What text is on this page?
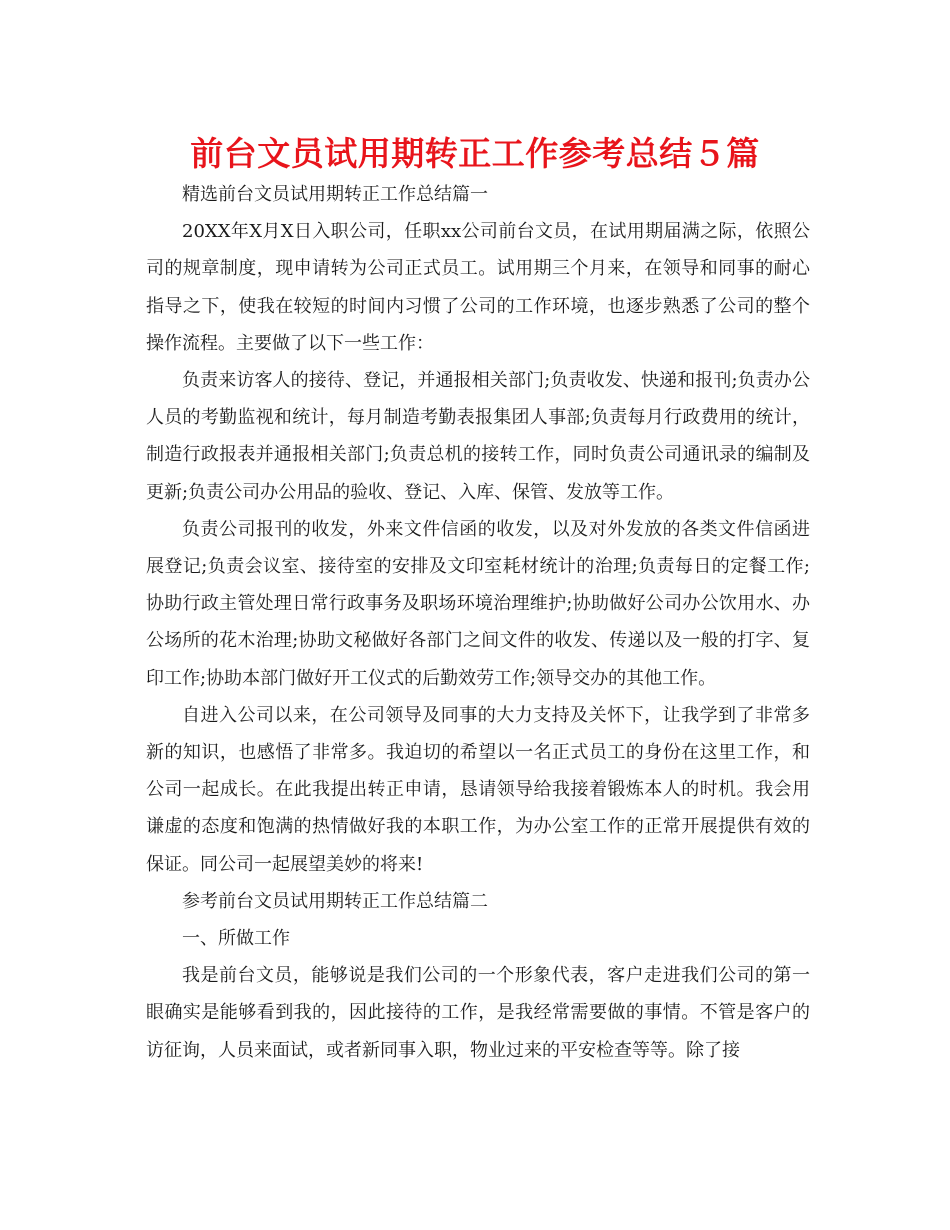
前台文员试用期转正工作参考总结５篇

精选前台文员试用期转正工作总结篇一

20XX年X月X日入职公司，任职xx公司前台文员，在试用期届满之际，依照公司的规章制度，现申请转为公司正式员工。试用期三个月来，在领导和同事的耐心指导之下，使我在较短的时间内习惯了公司的工作环境，也逐步熟悉了公司的整个操作流程。主要做了以下一些工作：

负责来访客人的接待、登记，并通报相关部门;负责收发、快递和报刊;负责办公人员的考勤监视和统计，每月制造考勤表报集团人事部;负责每月行政费用的统计，制造行政报表并通报相关部门;负责总机的接转工作，同时负责公司通讯录的编制及更新;负责公司办公用品的验收、登记、入库、保管、发放等工作。

负责公司报刊的收发，外来文件信函的收发，以及对外发放的各类文件信函进展登记;负责会议室、接待室的安排及文印室耗材统计的治理;负责每日的定餐工作;协助行政主管处理日常行政事务及职场环境治理维护;协助做好公司办公饮用水、办公场所的花木治理;协助文秘做好各部门之间文件的收发、传递以及一般的打字、复印工作;协助本部门做好开工仪式的后勤效劳工作;领导交办的其他工作。

自进入公司以来，在公司领导及同事的大力支持及关怀下，让我学到了非常多新的知识，也感悟了非常多。我迫切的希望以一名正式员工的身份在这里工作，和公司一起成长。在此我提出转正申请，恳请领导给我接着锻炼本人的时机。我会用谦虚的态度和饱满的热情做好我的本职工作，为办公室工作的正常开展提供有效的保证。同公司一起展望美妙的将来!

参考前台文员试用期转正工作总结篇二

一、所做工作

我是前台文员，能够说是我们公司的一个形象代表，客户走进我们公司的第一眼确实是能够看到我的，因此接待的工作，是我经常需要做的事情。不管是客户的访征询，人员来面试，或者新同事入职，物业过来的平安检查等等。除了接
